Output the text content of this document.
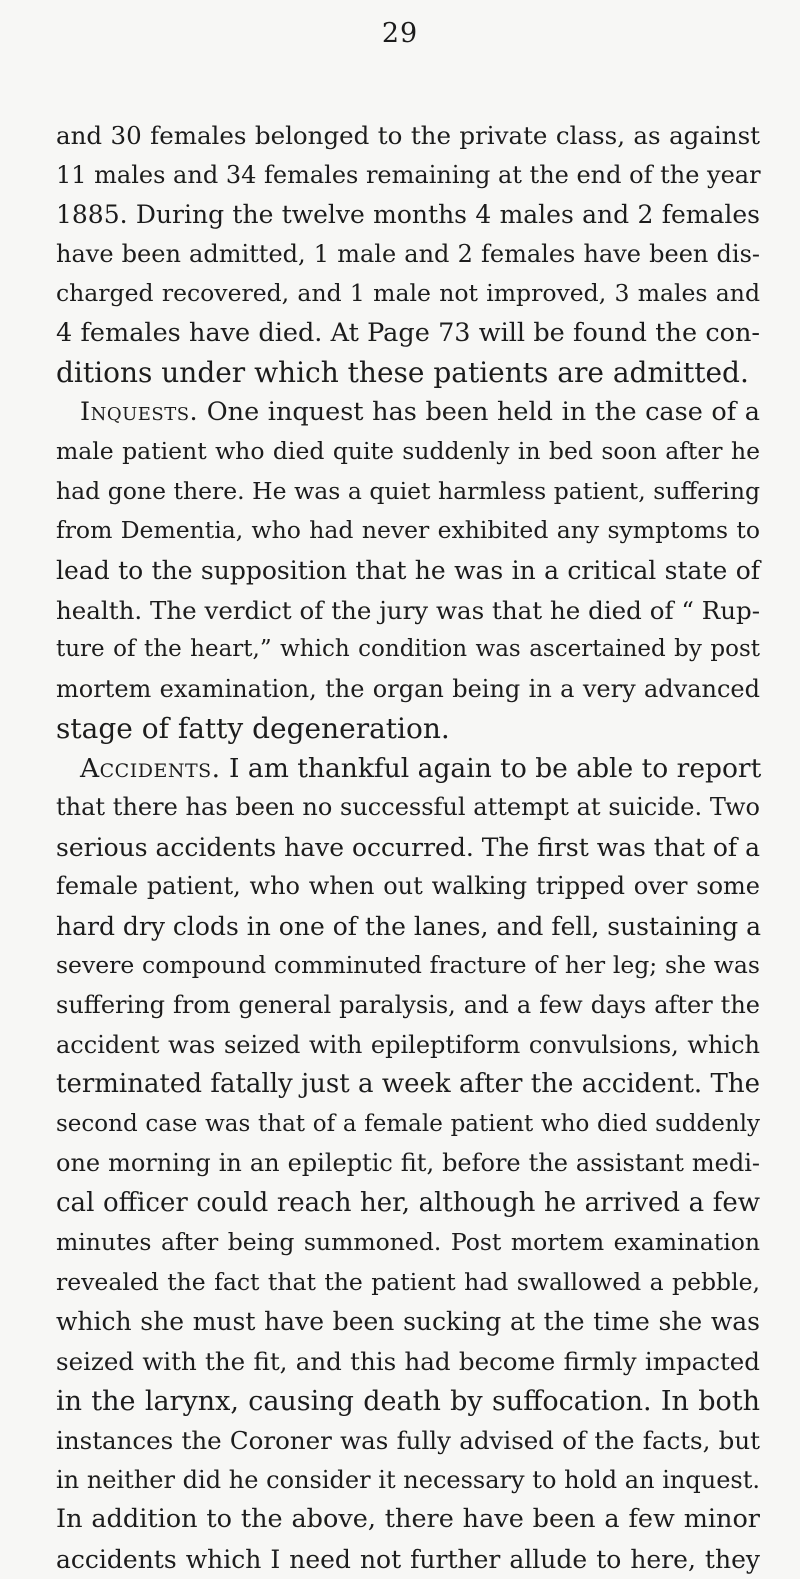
29
and 30 females belonged to the private class, as against
11 males and 34 females remaining at the end of the year
1885. During the twelve months 4 males and 2 females
have been admitted, 1 male and 2 females have been dis-
charged recovered, and 1 male not improved, 3 males and
4 females have died. At Page 73 will be found the con-
ditions under which these patients are admitted.
Inquests. One inquest has been held in the case of a
male patient who died quite suddenly in bed soon after he
had gone there. He was a quiet harmless patient, suffering
from Dementia, who had never exhibited any symptoms to
lead to the supposition that he was in a critical state of
health. The verdict of the jury was that he died of “ Rup-
ture of the heart,” which condition was ascertained by post
mortem examination, the organ being in a very advanced
stage of fatty degeneration.
Accidents. I am thankful again to be able to report
that there has been no successful attempt at suicide. Two
serious accidents have occurred. The first was that of a
female patient, who when out walking tripped over some
hard dry clods in one of the lanes, and fell, sustaining a
severe compound comminuted fracture of her leg; she was
suffering from general paralysis, and a few days after the
accident was seized with epileptiform convulsions, which
terminated fatally just a week after the accident. The
second case was that of a female patient who died suddenly
one morning in an epileptic fit, before the assistant medi-
cal officer could reach her, although he arrived a few
minutes after being summoned. Post mortem examination
revealed the fact that the patient had swallowed a pebble,
which she must have been sucking at the time she was
seized with the fit, and this had become firmly impacted
in the larynx, causing death by suffocation. In both
instances the Coroner was fully advised of the facts, but
in neither did he consider it necessary to hold an inquest.
In addition to the above, there have been a few minor
accidents which I need not further allude to here, they
